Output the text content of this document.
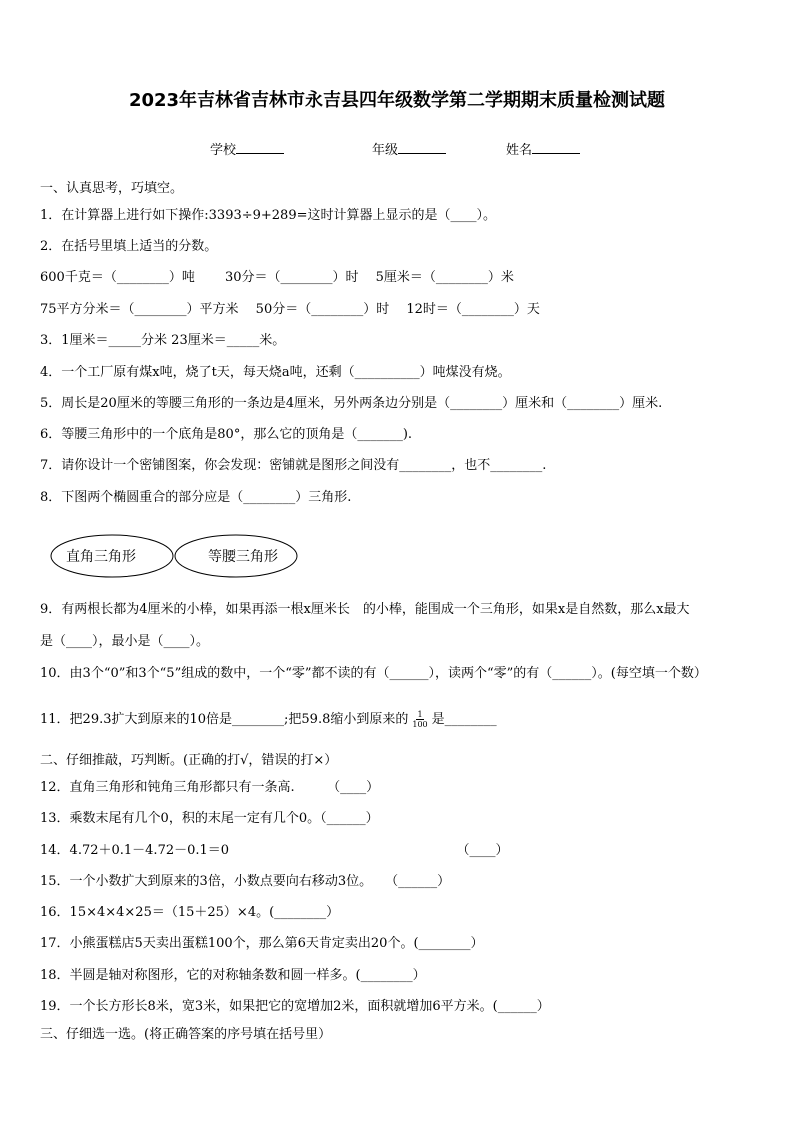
2023年吉林省吉林市永吉县四年级数学第二学期期末质量检测试题
学校	年级	姓名
一、认真思考，巧填空。
1．在计算器上进行如下操作:3393÷9+289=这时计算器上显示的是（____）。
2．在括号里填上适当的分数。
600千克＝（________）吨　　 30分＝（________）时　 5厘米＝（________）米
75平方分米＝（________）平方米　 50分＝（________）时　 12时＝（________）天
3．1厘米＝_____分米 23厘米＝_____米。
4．一个工厂原有煤x吨，烧了t天，每天烧a吨，还剩（__________）吨煤没有烧。
5．周长是20厘米的等腰三角形的一条边是4厘米，另外两条边分别是（________）厘米和（________）厘米.
6．等腰三角形中的一个底角是80°，那么它的顶角是（_______).
7．请你设计一个密铺图案，你会发现：密铺就是图形之间没有________，也不________.
8．下图两个椭圆重合的部分应是（________）三角形.
直角三角形	等腰三角形
9．有两根长都为4厘米的小棒，如果再添一根x厘米长　的小棒，能围成一个三角形，如果x是自然数，那么x最大
是（____），最小是（____）。
10．由3个“0”和3个“5”组成的数中，一个“零”都不读的有（______），读两个“零”的有（______）。(每空填一个数）
11．把29.3扩大到原来的10倍是________;把59.8缩小到原来的 $\frac{1}{100}$ 是________
二、仔细推敲，巧判断。(正确的打√，错误的打×）
12．直角三角形和钝角三角形都只有一条高.　　　（____）
13．乘数末尾有几个0，积的末尾一定有几个0。（______）
14．4.72＋0.1－4.72－0.1＝0　　　　　　　　　　　　　　　　　　（____）
15．一个小数扩大到原来的3倍，小数点要向右移动3位。　　（______）
16．15×4×4×25＝（15＋25）×4。(________）
17．小熊蛋糕店5天卖出蛋糕100个，那么第6天肯定卖出20个。(________）
18．半圆是轴对称图形，它的对称轴条数和圆一样多。(________）
19．一个长方形长8米，宽3米，如果把它的宽增加2米，面积就增加6平方米。(______）
三、仔细选一选。(将正确答案的序号填在括号里）
